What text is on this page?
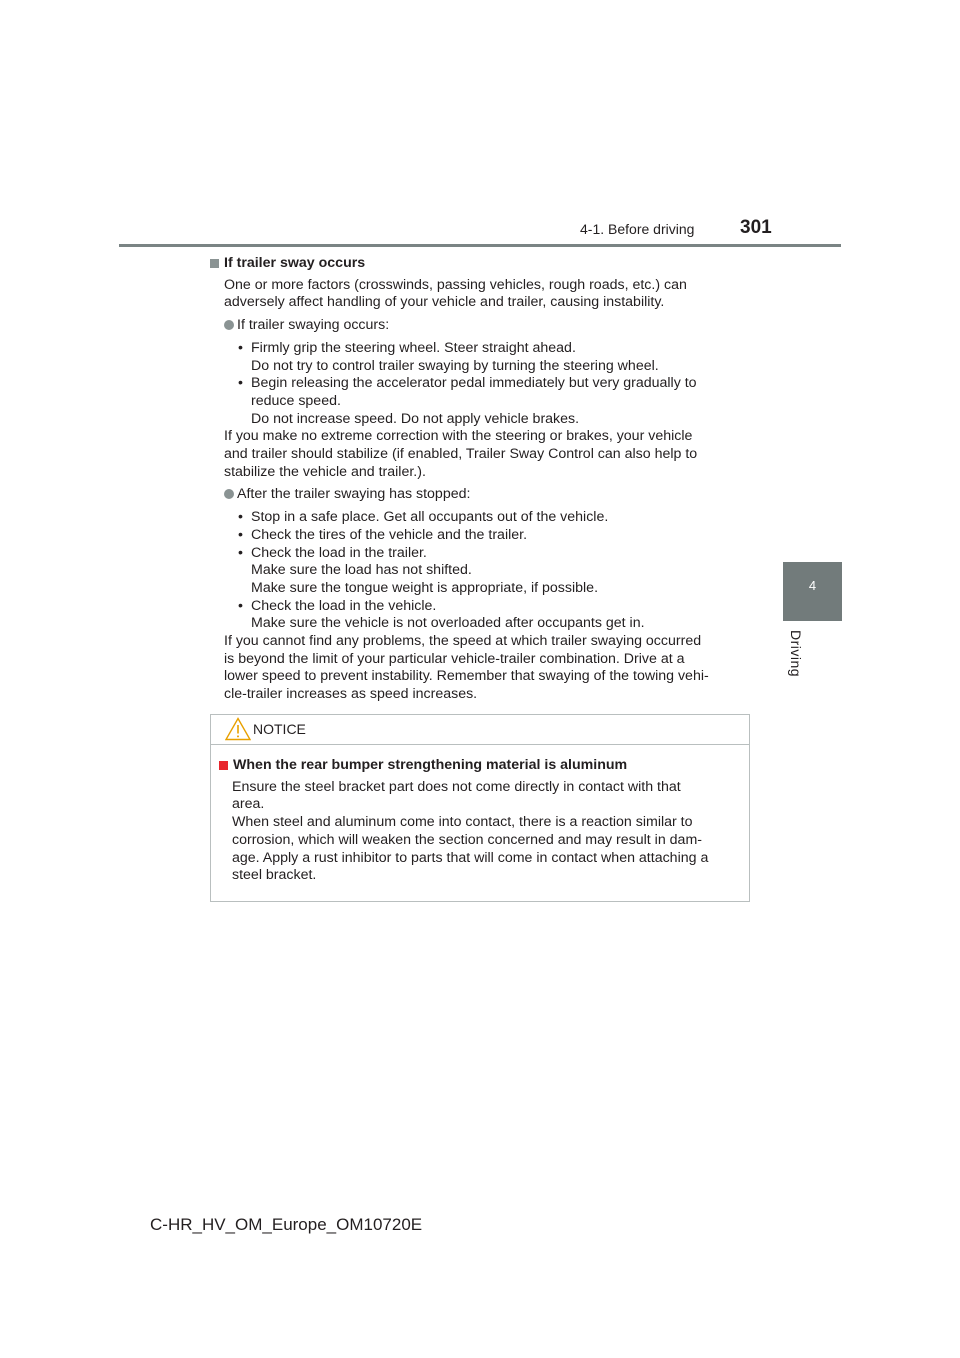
4-1. Before driving 301
4
Driving

If trailer sway occurs

One or more factors (crosswinds, passing vehicles, rough roads, etc.) can
adversely affect handling of your vehicle and trailer, causing instability.

If trailer swaying occurs:
• Firmly grip the steering wheel. Steer straight ahead.
Do not try to control trailer swaying by turning the steering wheel.
• Begin releasing the accelerator pedal immediately but very gradually to
reduce speed.
Do not increase speed. Do not apply vehicle brakes.

If you make no extreme correction with the steering or brakes, your vehicle
and trailer should stabilize (if enabled, Trailer Sway Control can also help to
stabilize the vehicle and trailer.).

After the trailer swaying has stopped:
• Stop in a safe place. Get all occupants out of the vehicle.
• Check the tires of the vehicle and the trailer.
• Check the load in the trailer.
Make sure the load has not shifted.
Make sure the tongue weight is appropriate, if possible.
• Check the load in the vehicle.
Make sure the vehicle is not overloaded after occupants get in.

If you cannot find any problems, the speed at which trailer swaying occurred
is beyond the limit of your particular vehicle-trailer combination. Drive at a
lower speed to prevent instability. Remember that swaying of the towing vehi-
cle-trailer increases as speed increases.

NOTICE

When the rear bumper strengthening material is aluminum

Ensure the steel bracket part does not come directly in contact with that
area.
When steel and aluminum come into contact, there is a reaction similar to
corrosion, which will weaken the section concerned and may result in dam-
age. Apply a rust inhibitor to parts that will come in contact when attaching a
steel bracket.

C-HR_HV_OM_Europe_OM10720E
